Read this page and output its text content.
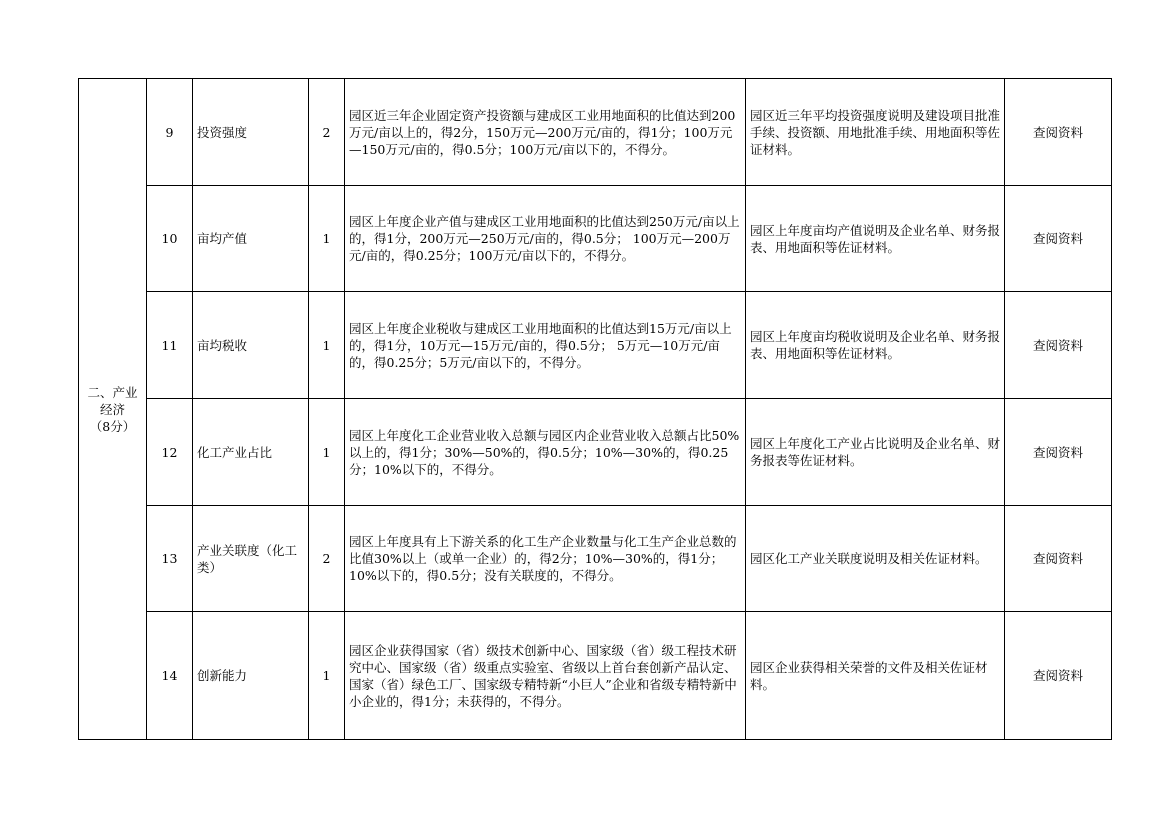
二、产业
经济
（8分）	9	投资强度	2	园区近三年企业固定资产投资额与建成区工业用地面积的比值达到200万元/亩以上的，得2分，150万元—200万元/亩的，得1分；100万元—150万元/亩的，得0.5分；100万元/亩以下的，不得分。	园区近三年平均投资强度说明及建设项目批准手续、投资额、用地批准手续、用地面积等佐证材料。	查阅资料
	10	亩均产值	1	园区上年度企业产值与建成区工业用地面积的比值达到250万元/亩以上的，得1分，200万元—250万元/亩的，得0.5分； 100万元—200万元/亩的，得0.25分；100万元/亩以下的，不得分。	园区上年度亩均产值说明及企业名单、财务报表、用地面积等佐证材料。	查阅资料
	11	亩均税收	1	园区上年度企业税收与建成区工业用地面积的比值达到15万元/亩以上的，得1分，10万元—15万元/亩的，得0.5分； 5万元—10万元/亩的，得0.25分；5万元/亩以下的，不得分。	园区上年度亩均税收说明及企业名单、财务报表、用地面积等佐证材料。	查阅资料
	12	化工产业占比	1	园区上年度化工企业营业收入总额与园区内企业营业收入总额占比50%以上的，得1分；30%—50%的，得0.5分；10%—30%的，得0.25分；10%以下的，不得分。	园区上年度化工产业占比说明及企业名单、财务报表等佐证材料。	查阅资料
	13	产业关联度（化工类）	2	园区上年度具有上下游关系的化工生产企业数量与化工生产企业总数的比值30%以上（或单一企业）的，得2分；10%—30%的，得1分；10%以下的，得0.5分；没有关联度的，不得分。	园区化工产业关联度说明及相关佐证材料。	查阅资料
	14	创新能力	1	园区企业获得国家（省）级技术创新中心、国家级（省）级工程技术研究中心、国家级（省）级重点实验室、省级以上首台套创新产品认定、国家（省）绿色工厂、国家级专精特新“小巨人”企业和省级专精特新中小企业的，得1分；未获得的，不得分。	园区企业获得相关荣誉的文件及相关佐证材料。	查阅资料
